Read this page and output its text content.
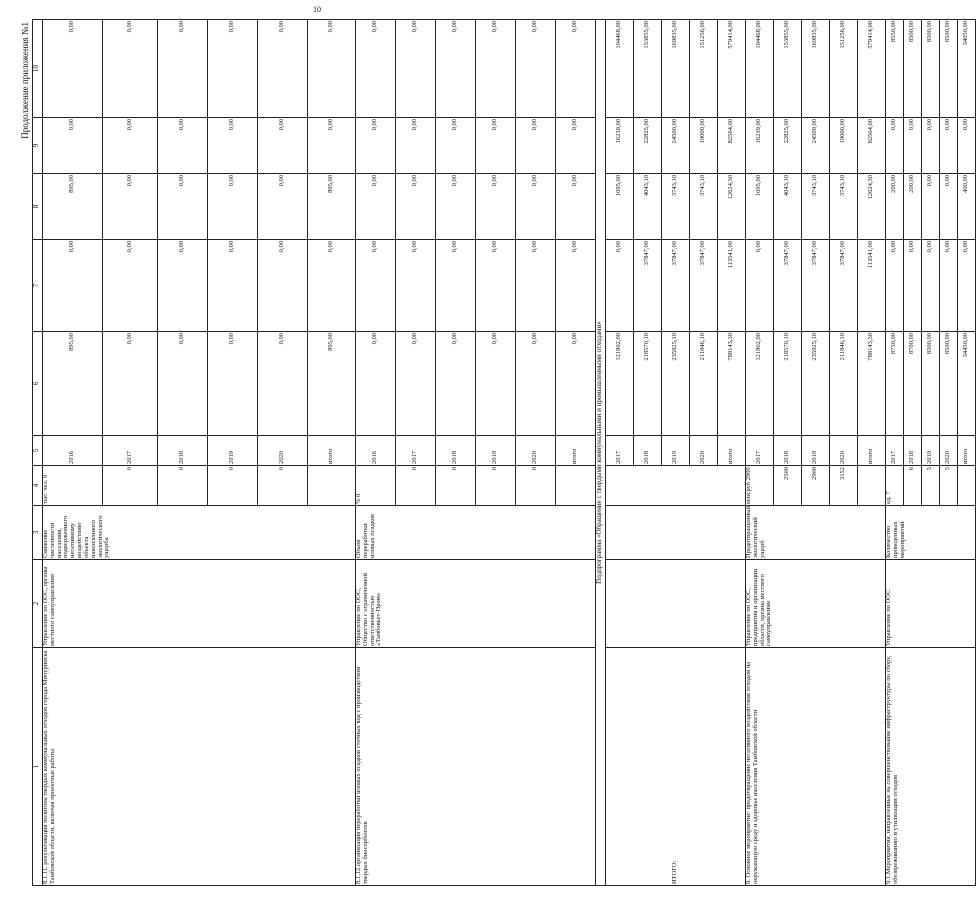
10
Продолжение приложения №1
1	2	3	4	5	6	7	8	9	10
8.1.11. рекультивация полигона твердых коммунальных отходов города Мичуринска Тамбовской области, включая проектные работы	Управление по ООС, органы местного самоуправления	Снижение численности населения, подверженного негативному воздействию объекта накопленного экологического ущерба	тыс. чел. 0	2016	895,00	0,00	895,00	0,00	0,00
			0	2017	0,00	0,00	0,00	0,00	0,00
			0	2018	0,00	0,00	0,00	0,00	0,00
			0	2019	0,00	0,00	0,00	0,00	0,00
			0	2020	0,00	0,00	0,00	0,00	0,00
				итого	895,00	0,00	895,00	0,00	0,00
8.1.12.организация переработки иловых осадков сточных вод с производством твердых биосорбентов	Управление по ООС, Общество с ограниченной ответственностью «Тамбовьет-Пром»	Объем переработки иловых осадков	% 0	2016	0,00	0,00	0,00	0,00	0,00
			0	2017	0,00	0,00	0,00	0,00	0,00
			0	2018	0,00	0,00	0,00	0,00	0,00
			0	2019	0,00	0,00	0,00	0,00	0,00
			0	2020	0,00	0,00	0,00	0,00	0,00
				итого	0,00	0,00	0,00	0,00	0,00
Подпрограмма «Обращение с твердыми коммунальными и промышленными отходами»									
ИТОГО:				2017	121802,00	0,00	1095,00	16239,00	104468,00
				2018	218570,10	37847,00	4043,10	22825,00	153855,00
				2019	235925,10	37847,00	3743,10	24500,00	169835,00
				2020	211846,10	37847,00	3743,10	19000,00	151256,00
				итого	788143,30	113541,00	12624,30	82564,00	579414,00
9. Основное мероприятие: предотвращение негативного воздействия отходов на окружающую среду и здоровье населения Тамбовской области	Управление по ООС, предприятия и организации области, органы местного самоуправления	Предотвращенный экологический ущерб	млн.руб 2900	2017	121802,00	0,00	1095,00	16239,00	104468,00
			2500	2018	218570,10	37847,00	4043,10	22825,00	153855,00
			2900	2019	235925,10	37847,00	3743,10	24500,00	169835,00
			3152	2020	211846,10	37847,00	3743,10	19000,00	151256,00
				итого	788143,30	113541,00	12624,30	82564,00	579414,00
9.1.Мероприятия, направленные на совершенствование инфраструктуры по сбору, обезвреживанию и утилизации отходов	Управление по ООС	Количество проведенных мероприятий	ед. 7	2017	8750,00	0,00	200,00	0,00	8550,00
			6	2018	8700,00	0,00	200,00	0,00	8500,00
			5	2019	8500,00	0,00	0,00	0,00	8500,00
			5	2020	8500,00	0,00	0,00	0,00	8500,00
				итого	34450,00	0,00	400,00	0,00	34050,00
